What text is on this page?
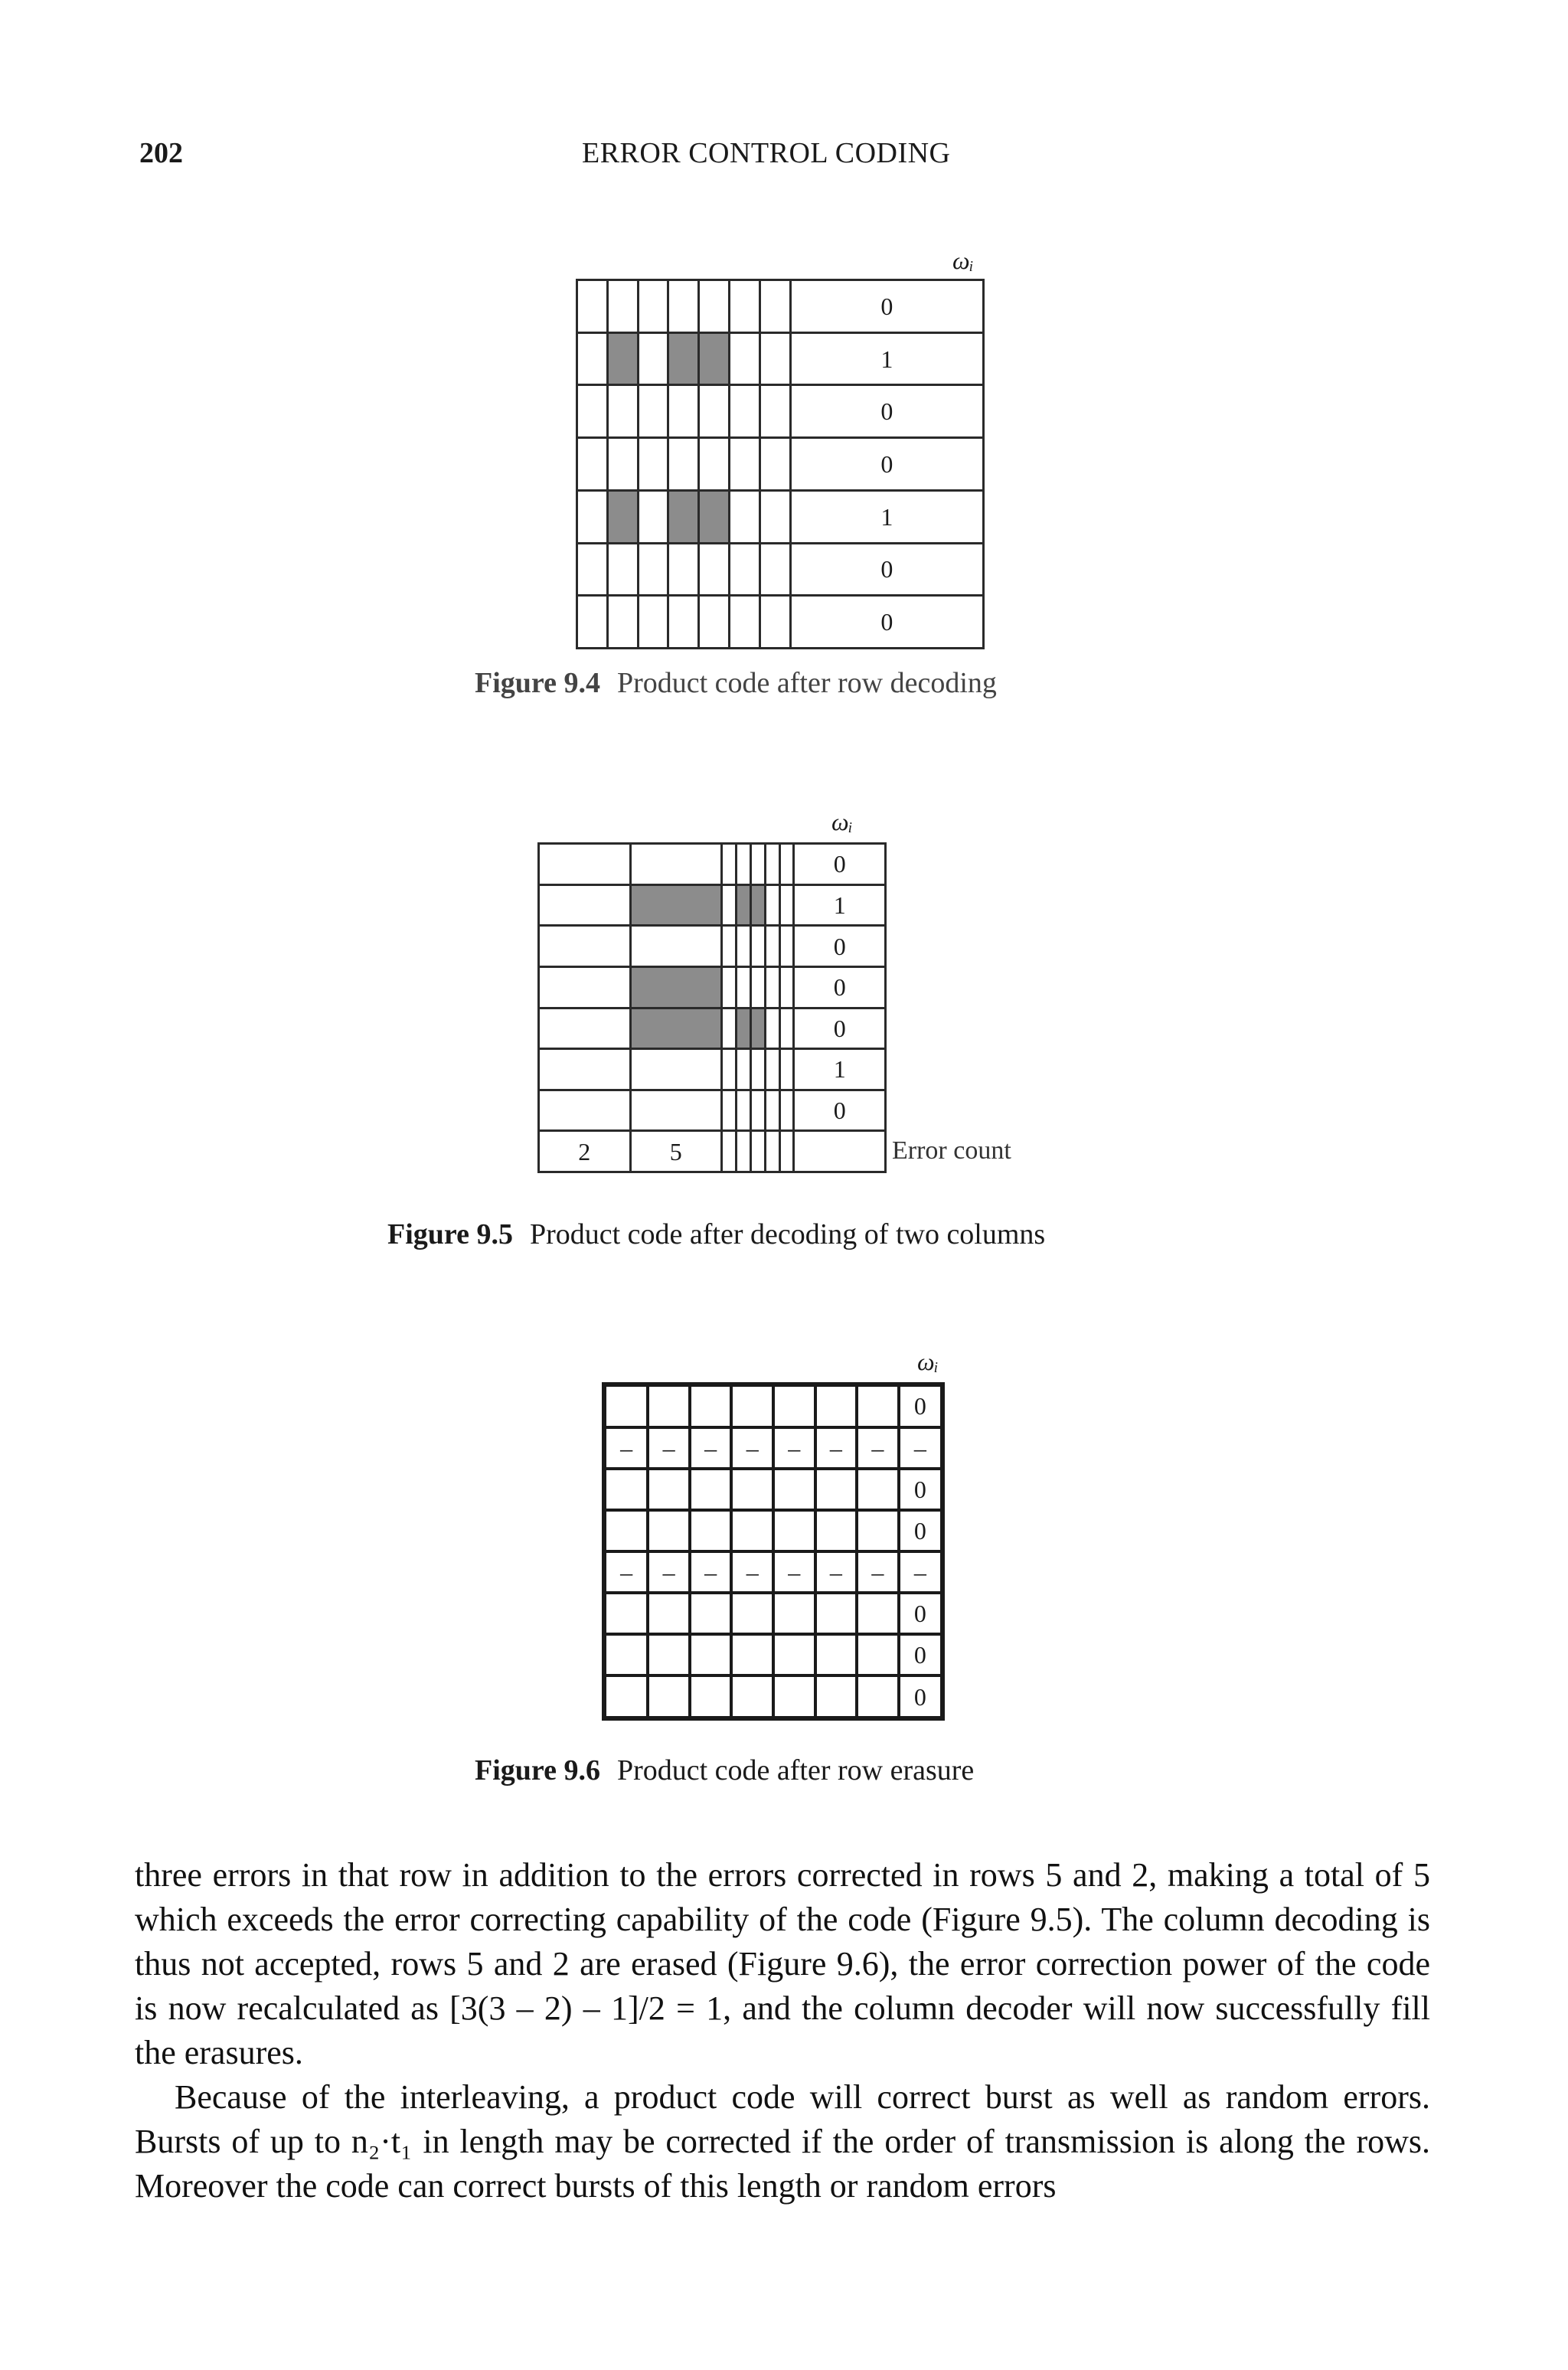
202	ERROR CONTROL CODING
ωᵢ
							0
							1
							0
							0
							1
							0
							0
Figure 9.4 Product code after row decoding
ωᵢ
							0
							1
							0
							0
							0
							1
							0
2	5							Error count
Figure 9.5 Product code after decoding of two columns
ωᵢ
							0
–	–	–	–	–	–	–	–
							0
							0
–	–	–	–	–	–	–	–
							0
							0
							0
Figure 9.6 Product code after row erasure

three errors in that row in addition to the errors corrected in rows 5 and 2, making a total of 5 which exceeds the error correcting capability of the code (Figure 9.5). The column decoding is thus not accepted, rows 5 and 2 are erased (Figure 9.6), the error correction power of the code is now recalculated as [3(3 – 2) – 1]/2 = 1, and the column decoder will now successfully fill the erasures.

Because of the interleaving, a product code will correct burst as well as random errors. Bursts of up to n₂·t₁ in length may be corrected if the order of transmission is along the rows. Moreover the code can correct bursts of this length or random errors
